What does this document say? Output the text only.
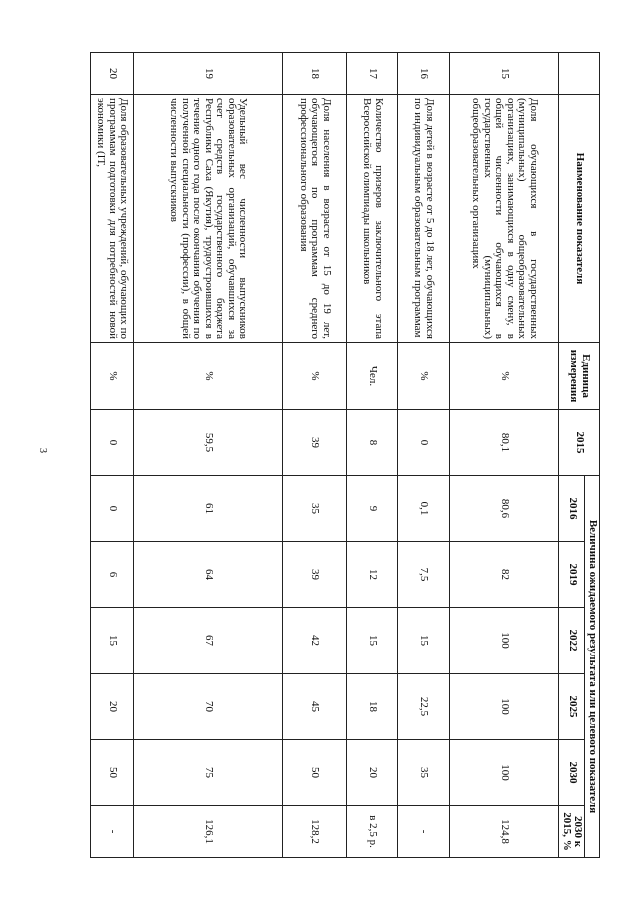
3
	Наименование показателя	Единица измерения	2015	Величина ожидаемого результата или целевого показателя					
				2016	2019	2022	2025	2030	2030 к 2015, %
15	Доля обучающихся в государственных (муниципальных) общеобразовательных организациях, занимающихся в одну смену, в общей численности обучающихся в государственных (муниципальных) общеобразовательных организациях	%	80,1	80,6	82	100	100	100	124,8
16	Доля детей в возрасте от 5 до 18 лет, обучающихся по индивидуальным образовательным программам	%	0	0,1	7,5	15	22,5	35	-
17	Количество призеров заключительного этапа Всероссийской олимпиады школьников	Чел.	8	9	12	15	18	20	в 2,5 р.
18	Доля населения в возрасте от 15 до 19 лет, обучающегося по программам среднего профессионального образования	%	39	35	39	42	45	50	128,2
19	Удельный вес численности выпускников образовательных организаций, обучавшихся за счет средств государственного бюджета Республики Саха (Якутия), трудоустроившихся в течение одного года после окончания обучения по полученной специальности (профессии), в общей численности выпускников	%	59,5	61	64	67	70	75	126,1
20	Доля образовательных учреждений, обучающих по программам подготовки для потребностей новой экономики (IT,	%	0	0	6	15	20	50	-
